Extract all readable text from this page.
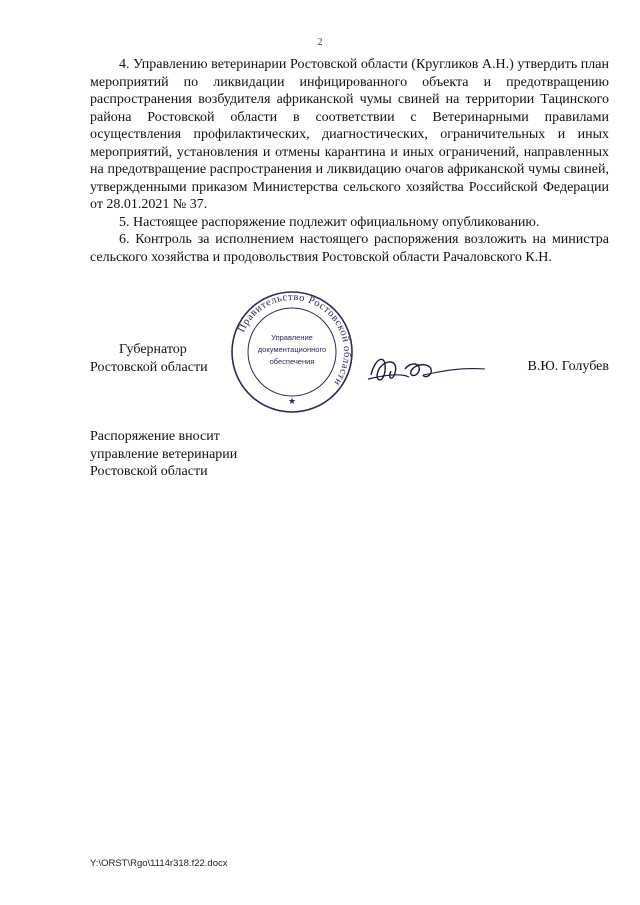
2

4. Управлению ветеринарии Ростовской области (Кругликов А.Н.) утвердить план мероприятий по ликвидации инфицированного объекта и предотвращению распространения возбудителя африканской чумы свиней на территории Тацинского района Ростовской области в соответствии с Ветеринарными правилами осуществления профилактических, диагностических, ограничительных и иных мероприятий, установления и отмены карантина и иных ограничений, направленных на предотвращение распространения и ликвидацию очагов африканской чумы свиней, утвержденными приказом Министерства сельского хозяйства Российской Федерации от 28.01.2021 № 37.

5. Настоящее распоряжение подлежит официальному опубликованию.

6. Контроль за исполнением настоящего распоряжения возложить на министра сельского хозяйства и продовольствия Ростовской области Рачаловского К.Н.

Губернатор
Ростовской области
Правительство Ростовской области
Управление
документационного
обеспечения
★
В.Ю. Голубев
Распоряжение вносит
управление ветеринарии
Ростовской области
Y:\ORST\Rgo\1114r318.f22.docx
